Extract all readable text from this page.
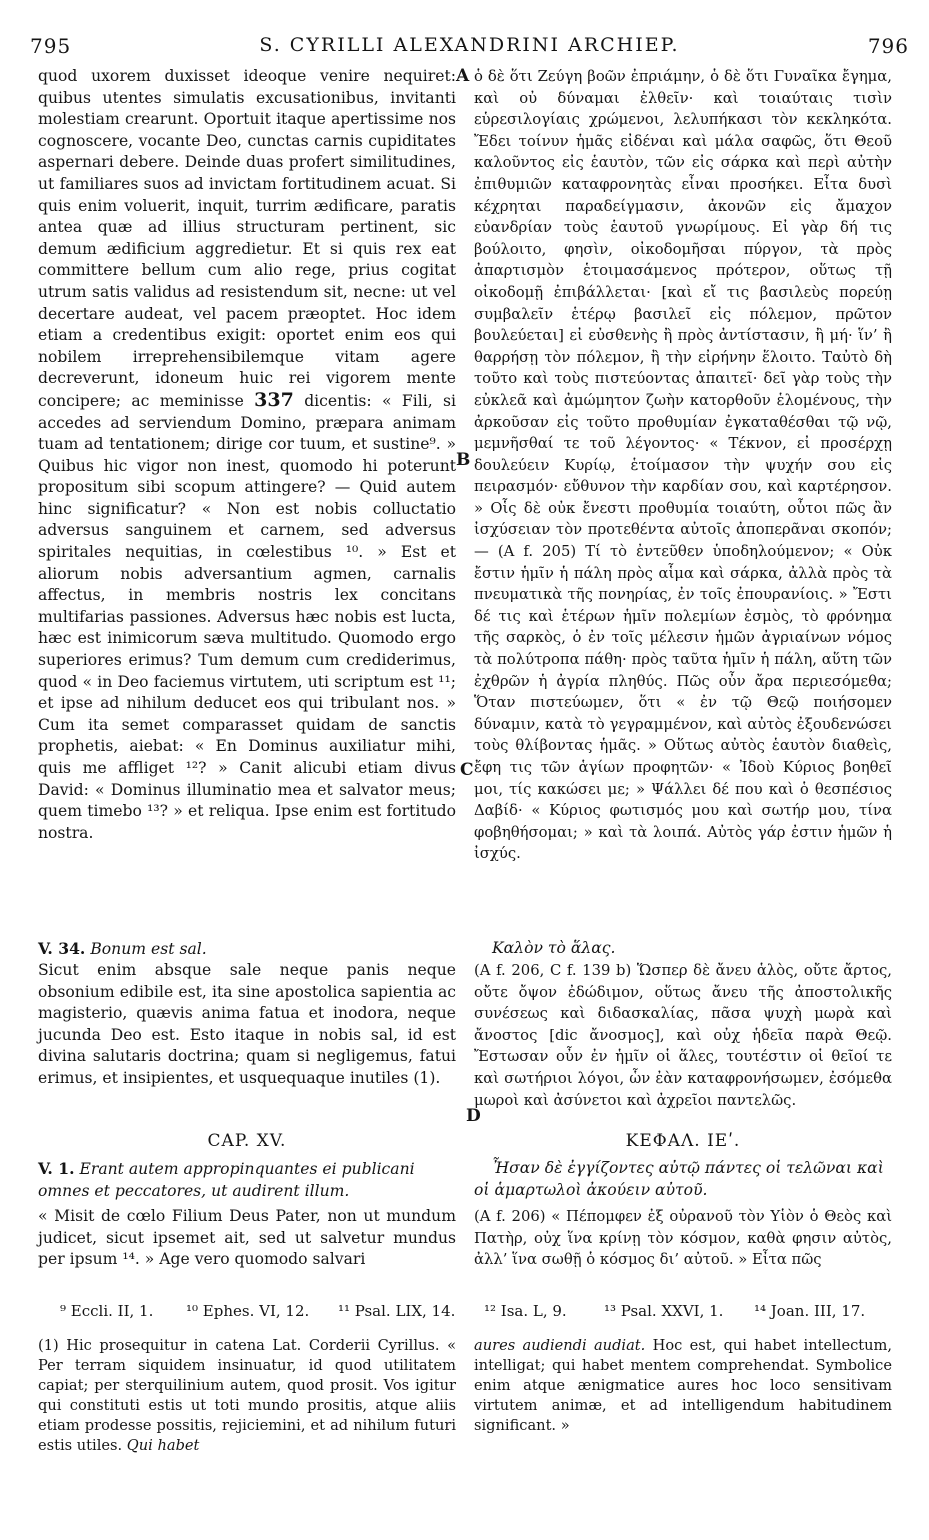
795	S. CYRILLI ALEXANDRINI ARCHIEP.	796
quod uxorem duxisset ideoque venire nequiret: quibus utentes simulatis excusationibus, invitanti molestiam crearunt. Oportuit itaque apertissime nos cognoscere, vocante Deo, cunctas carnis cupiditates aspernari debere. Deinde duas profert similitudines, ut familiares suos ad invictam fortitudinem acuat. Si quis enim voluerit, inquit, turrim ædificare, paratis antea quæ ad illius structuram pertinent, sic demum ædificium aggredietur. Et si quis rex eat committere bellum cum alio rege, prius cogitat utrum satis validus ad resistendum sit, necne: ut vel decertare audeat, vel pacem præoptet. Hoc idem etiam a credentibus exigit: oportet enim eos qui nobilem irreprehensibilemque vitam agere decreverunt, idoneum huic rei vigorem mente concipere; ac meminisse 337 dicentis: « Fili, si accedes ad serviendum Domino, præpara animam tuam ad tentationem; dirige cor tuum, et sustine⁹. » Quibus hic vigor non inest, quomodo hi poterunt propositum sibi scopum attingere? — Quid autem hinc significatur? « Non est nobis colluctatio adversus sanguinem et carnem, sed adversus spiritales nequitias, in cœlestibus ¹⁰. » Est et aliorum nobis adversantium agmen, carnalis affectus, in membris nostris lex concitans multifarias passiones. Adversus hæc nobis est lucta, hæc est inimicorum sæva multitudo. Quomodo ergo superiores erimus? Tum demum cum crediderimus, quod « in Deo faciemus virtutem, uti scriptum est ¹¹; et ipse ad nihilum deducet eos qui tribulant nos. » Cum ita semet comparasset quidam de sanctis prophetis, aiebat: « En Dominus auxiliatur mihi, quis me affliget ¹²? » Canit alicubi etiam divus David: « Dominus illuminatio mea et salvator meus; quem timebo ¹³? » et reliqua. Ipse enim est fortitudo nostra.
V. 34. Bonum est sal.
Sicut enim absque sale neque panis neque obsonium edibile est, ita sine apostolica sapientia ac magisterio, quævis anima fatua et inodora, neque jucunda Deo est. Esto itaque in nobis sal, id est divina salutaris doctrina; quam si negligemus, fatui erimus, et insipientes, et usquequaque inutiles (1).
CAP. XV.
V. 1. Erant autem appropinquantes ei publicani omnes et peccatores, ut audirent illum.
« Misit de cœlo Filium Deus Pater, non ut mundum judicet, sicut ipsemet ait, sed ut salvetur mundus per ipsum ¹⁴. » Age vero quomodo salvari
A
B
C
D
ὁ δὲ ὅτι Ζεύγη βοῶν ἐπριάμην, ὁ δὲ ὅτι Γυναῖκα ἔγημα, καὶ οὐ δύναμαι ἐλθεῖν· καὶ τοιαύταις τισὶν εὑρεσιλογίαις χρώμενοι, λελυπήκασι τὸν κεκληκότα. Ἔδει τοίνυν ἡμᾶς εἰδέναι καὶ μάλα σαφῶς, ὅτι Θεοῦ καλοῦντος εἰς ἑαυτὸν, τῶν εἰς σάρκα καὶ περὶ αὐτὴν ἐπιθυμιῶν καταφρονητὰς εἶναι προσήκει. Εἶτα δυσὶ κέχρηται παραδείγμασιν, ἀκονῶν εἰς ἄμαχον εὐανδρίαν τοὺς ἑαυτοῦ γνωρίμους. Εἰ γὰρ δή τις βούλοιτο, φησὶν, οἰκοδομῆσαι πύργον, τὰ πρὸς ἀπαρτισμὸν ἑτοιμασάμενος πρότερον, οὕτως τῇ οἰκοδομῇ ἐπιβάλλεται· [καὶ εἴ τις βασιλεὺς πορεύῃ συμβαλεῖν ἑτέρῳ βασιλεῖ εἰς πόλεμον, πρῶτον βουλεύεται] εἰ εὐσθενὴς ἢ πρὸς ἀντίστασιν, ἢ μή· ἵν’ ἢ θαρρήσῃ τὸν πόλεμον, ἢ τὴν εἰρήνην ἕλοιτο. Ταὐτὸ δὴ τοῦτο καὶ τοὺς πιστεύοντας ἀπαιτεῖ· δεῖ γὰρ τοὺς τὴν εὐκλεᾶ καὶ ἀμώμητον ζωὴν κατορθοῦν ἑλομένους, τὴν ἀρκοῦσαν εἰς τοῦτο προθυμίαν ἐγκαταθέσθαι τῷ νῷ, μεμνῆσθαί τε τοῦ λέγοντος· « Τέκνον, εἰ προσέρχῃ δουλεύειν Κυρίῳ, ἑτοίμασον τὴν ψυχήν σου εἰς πειρασμόν· εὔθυνον τὴν καρδίαν σου, καὶ καρτέρησον. » Οἷς δὲ οὐκ ἔνεστι προθυμία τοιαύτη, οὗτοι πῶς ἂν ἰσχύσειαν τὸν προτεθέντα αὐτοῖς ἀποπερᾶναι σκοπόν; — (A f. 205) Τί τὸ ἐντεῦθεν ὑποδηλούμενον; « Οὐκ ἔστιν ἡμῖν ἡ πάλη πρὸς αἷμα καὶ σάρκα, ἀλλὰ πρὸς τὰ πνευματικὰ τῆς πονηρίας, ἐν τοῖς ἐπουρανίοις. » Ἔστι δέ τις καὶ ἑτέρων ἡμῖν πολεμίων ἐσμὸς, τὸ φρόνημα τῆς σαρκὸς, ὁ ἐν τοῖς μέλεσιν ἡμῶν ἀγριαίνων νόμος τὰ πολύτροπα πάθη· πρὸς ταῦτα ἡμῖν ἡ πάλη, αὕτη τῶν ἐχθρῶν ἡ ἀγρία πληθύς. Πῶς οὖν ἄρα περιεσόμεθα; Ὅταν πιστεύωμεν, ὅτι « ἐν τῷ Θεῷ ποιήσομεν δύναμιν, κατὰ τὸ γεγραμμένον, καὶ αὐτὸς ἐξουδενώσει τοὺς θλίβοντας ἡμᾶς. » Οὕτως αὐτὸς ἑαυτὸν διαθεὶς, ἔφη τις τῶν ἁγίων προφητῶν· « Ἰδοὺ Κύριος βοηθεῖ μοι, τίς κακώσει με; » Ψάλλει δέ που καὶ ὁ θεσπέσιος Δαβίδ· « Κύριος φωτισμός μου καὶ σωτήρ μου, τίνα φοβηθήσομαι; » καὶ τὰ λοιπά. Αὐτὸς γάρ ἐστιν ἡμῶν ἡ ἰσχύς.
Καλὸν τὸ ἅλας.
(A f. 206, C f. 139 b) Ὥσπερ δὲ ἄνευ ἁλὸς, οὔτε ἄρτος, οὔτε ὄψον ἐδώδιμον, οὕτως ἄνευ τῆς ἀποστολικῆς συνέσεως καὶ διδασκαλίας, πᾶσα ψυχὴ μωρὰ καὶ ἄνοστος [dic ἄνοσμος], καὶ οὐχ ἡδεῖα παρὰ Θεῷ. Ἔστωσαν οὖν ἐν ἡμῖν οἱ ἅλες, τουτέστιν οἱ θεῖοί τε καὶ σωτήριοι λόγοι, ὧν ἐὰν καταφρονήσωμεν, ἐσόμεθα μωροὶ καὶ ἀσύνετοι καὶ ἀχρεῖοι παντελῶς.
ΚΕΦΑΛ. ΙΕʹ.
Ἦσαν δὲ ἐγγίζοντες αὐτῷ πάντες οἱ τελῶναι καὶ οἱ ἁμαρτωλοὶ ἀκούειν αὐτοῦ.
(A f. 206) « Πέπομφεν ἐξ οὐρανοῦ τὸν Υἱὸν ὁ Θεὸς καὶ Πατὴρ, οὐχ ἵνα κρίνῃ τὸν κόσμον, καθὰ φησιν αὐτὸς, ἀλλ’ ἵνα σωθῇ ὁ κόσμος δι’ αὐτοῦ. » Εἶτα πῶς
⁹ Eccli. II, 1. ¹⁰ Ephes. VI, 12. ¹¹ Psal. LIX, 14. ¹² Isa. L, 9. ¹³ Psal. XXVI, 1. ¹⁴ Joan. III, 17.
(1) Hic prosequitur in catena Lat. Corderii Cyrillus. « Per terram siquidem insinuatur, id quod utilitatem capiat; per sterquilinium autem, quod prosit. Vos igitur qui constituti estis ut toti mundo prositis, atque aliis etiam prodesse possitis, rejiciemini, et ad nihilum futuri estis utiles. Qui habet
aures audiendi audiat. Hoc est, qui habet intellectum, intelligat; qui habet mentem comprehendat. Symbolice enim atque ænigmatice aures hoc loco sensitivam virtutem animæ, et ad intelligendum habitudinem significant. »
